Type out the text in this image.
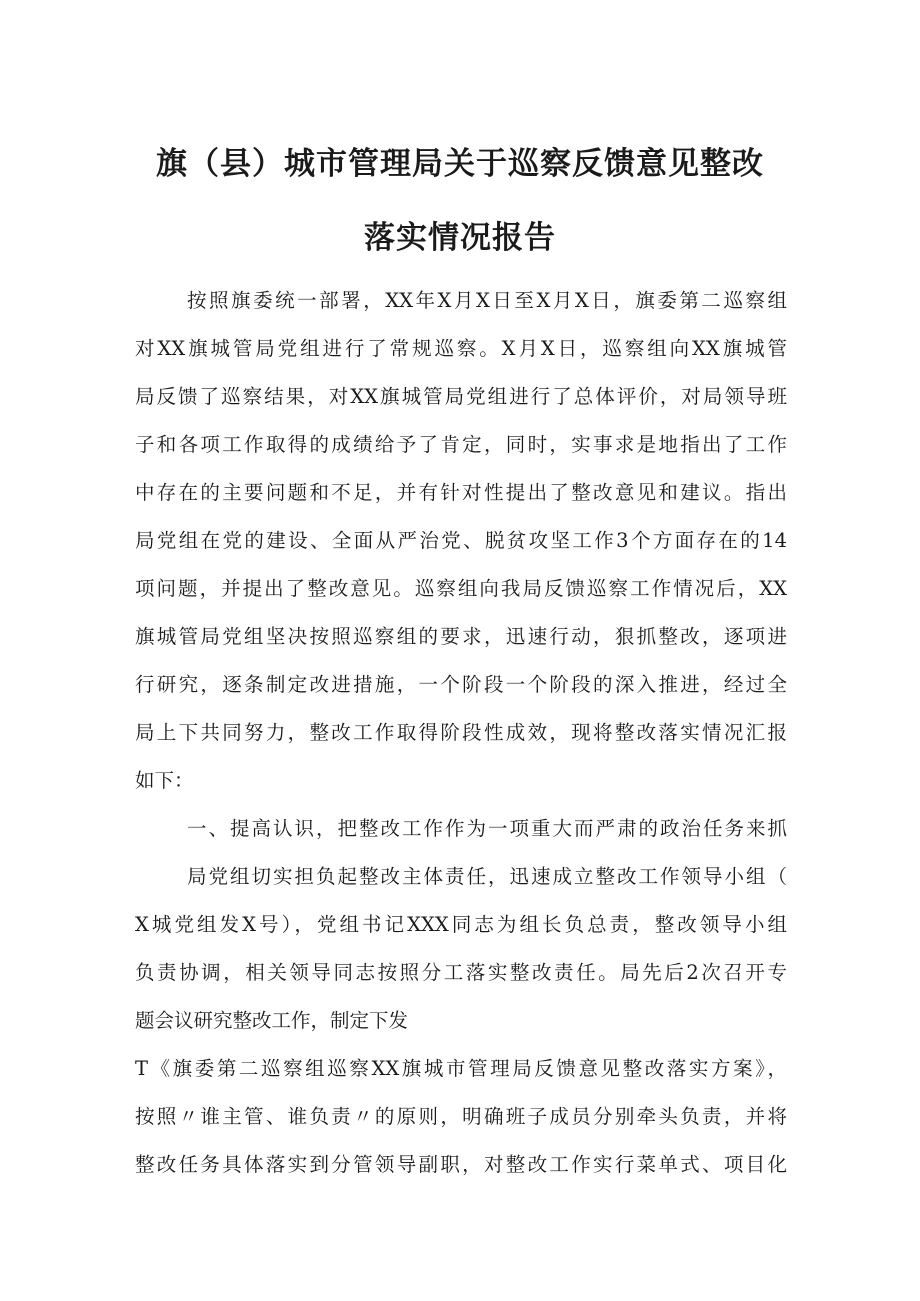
旗（县）城市管理局关于巡察反馈意见整改
落实情况报告
按照旗委统一部署，XX年X月X日至X月X日，旗委第二巡察组
对XX旗城管局党组进行了常规巡察。X月X日，巡察组向XX旗城管
局反馈了巡察结果，对XX旗城管局党组进行了总体评价，对局领导班
子和各项工作取得的成绩给予了肯定，同时，实事求是地指出了工作
中存在的主要问题和不足，并有针对性提出了整改意见和建议。指出
局党组在党的建设、全面从严治党、脱贫攻坚工作3个方面存在的14
项问题，并提出了整改意见。巡察组向我局反馈巡察工作情况后，XX
旗城管局党组坚决按照巡察组的要求，迅速行动，狠抓整改，逐项进
行研究，逐条制定改进措施，一个阶段一个阶段的深入推进，经过全
局上下共同努力，整改工作取得阶段性成效，现将整改落实情况汇报
如下：
一、提高认识，把整改工作作为一项重大而严肃的政治任务来抓
局党组切实担负起整改主体责任，迅速成立整改工作领导小组（
X城党组发X号），党组书记XXX同志为组长负总责，整改领导小组
负责协调，相关领导同志按照分工落实整改责任。局先后2次召开专
题会议研究整改工作，制定下发
T《旗委第二巡察组巡察XX旗城市管理局反馈意见整改落实方案》，
按照〃谁主管、谁负责〃的原则，明确班子成员分别牵头负责，并将
整改任务具体落实到分管领导副职，对整改工作实行菜单式、项目化
